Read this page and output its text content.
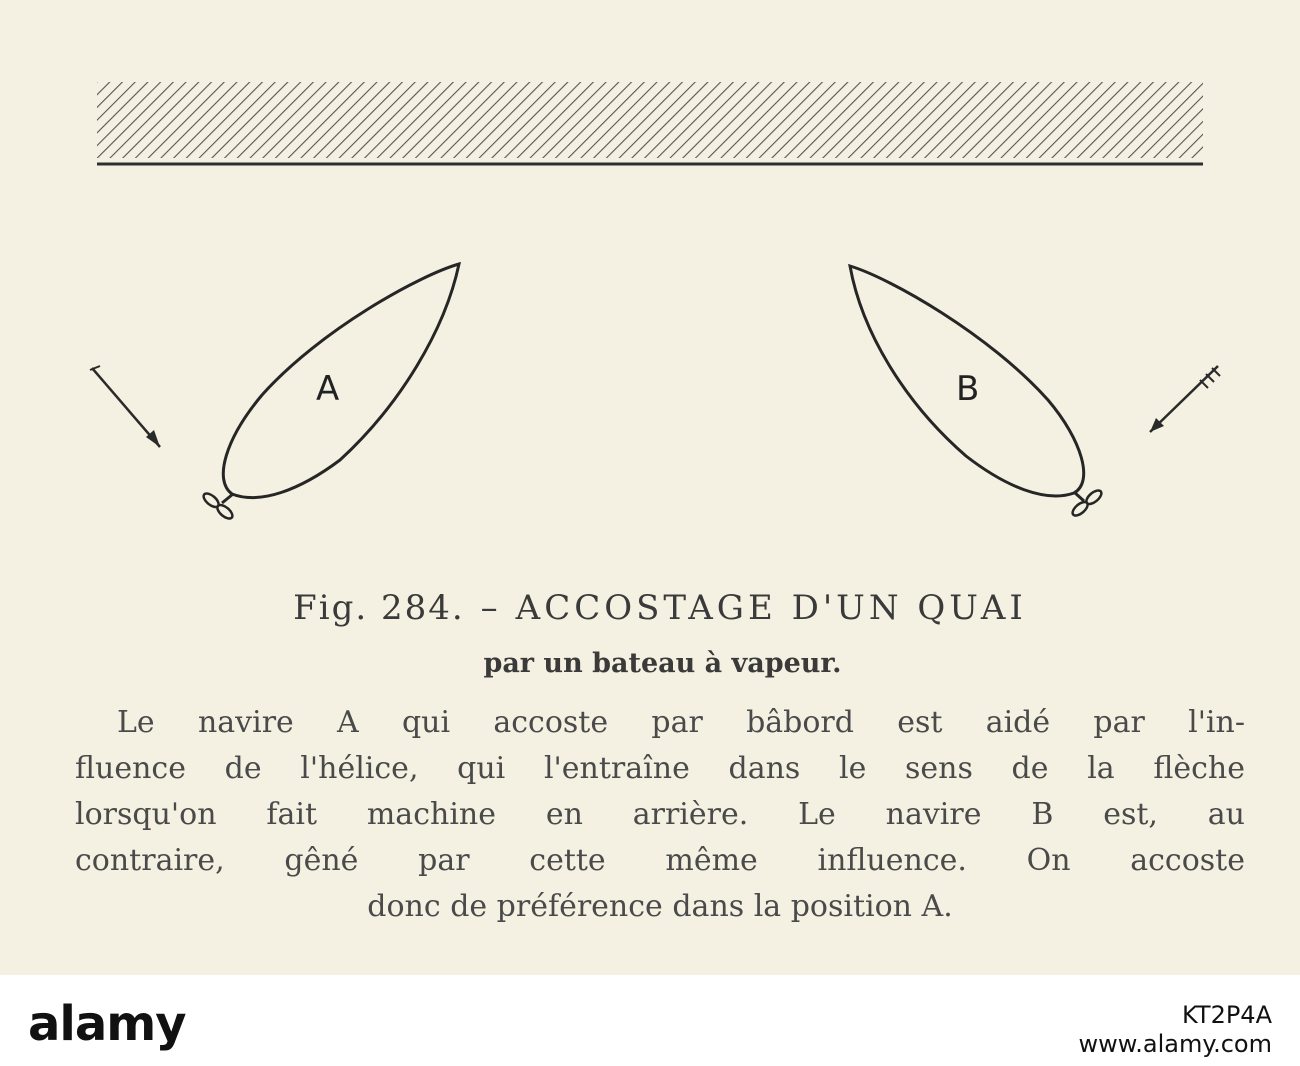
A	B
Fig. 284. – ACCOSTAGE D'UN QUAI
par un bateau à vapeur.
Le navire A qui accoste par bâbord est aidé par l'in-
fluence de l'hélice, qui l'entraîne dans le sens de la flèche
lorsqu'on fait machine en arrière. Le navire B est, au
contraire, gêné par cette même influence. On accoste
donc de préférence dans la position A.
alamy	KT2P4A
www.alamy.com
